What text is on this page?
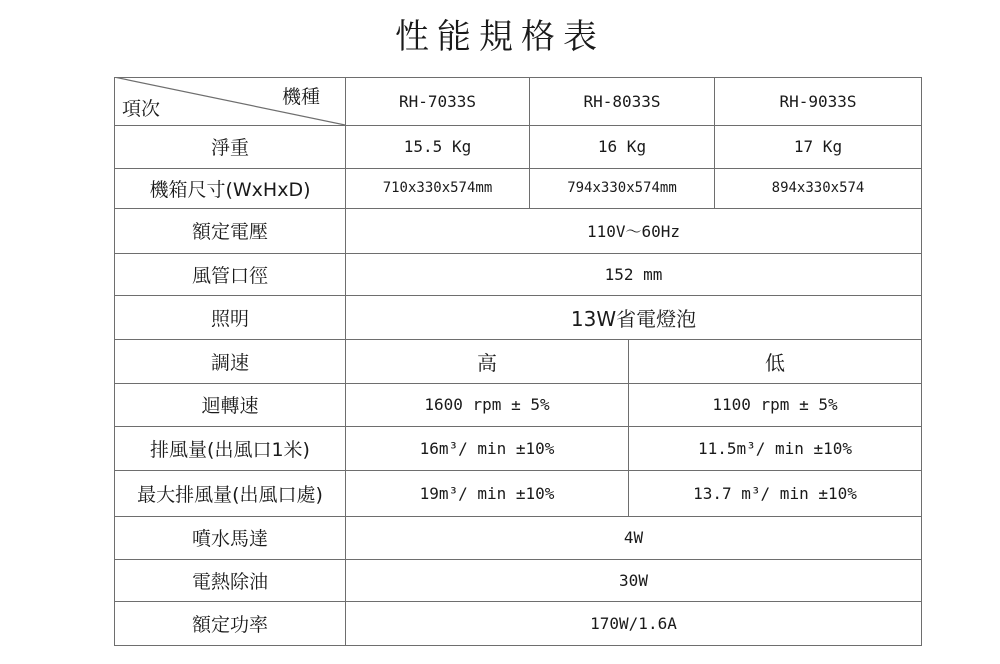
性能規格表
機種
項次	RH-7033S	RH-8033S	RH-9033S
淨重	15.5 Kg	16 Kg	17 Kg
機箱尺寸(WxHxD)	710x330x574mm	794x330x574mm	894x330x574
額定電壓	110V～60Hz
風管口徑	152 mm
照明	13W省電燈泡
調速	高	低
迴轉速	1600 rpm ± 5%	1100 rpm ± 5%
排風量(出風口1米)	16m³/ min ±10%	11.5m³/ min ±10%
最大排風量(出風口處)	19m³/ min ±10%	13.7 m³/ min ±10%
噴水馬達	4W
電熱除油	30W
額定功率	170W/1.6A
